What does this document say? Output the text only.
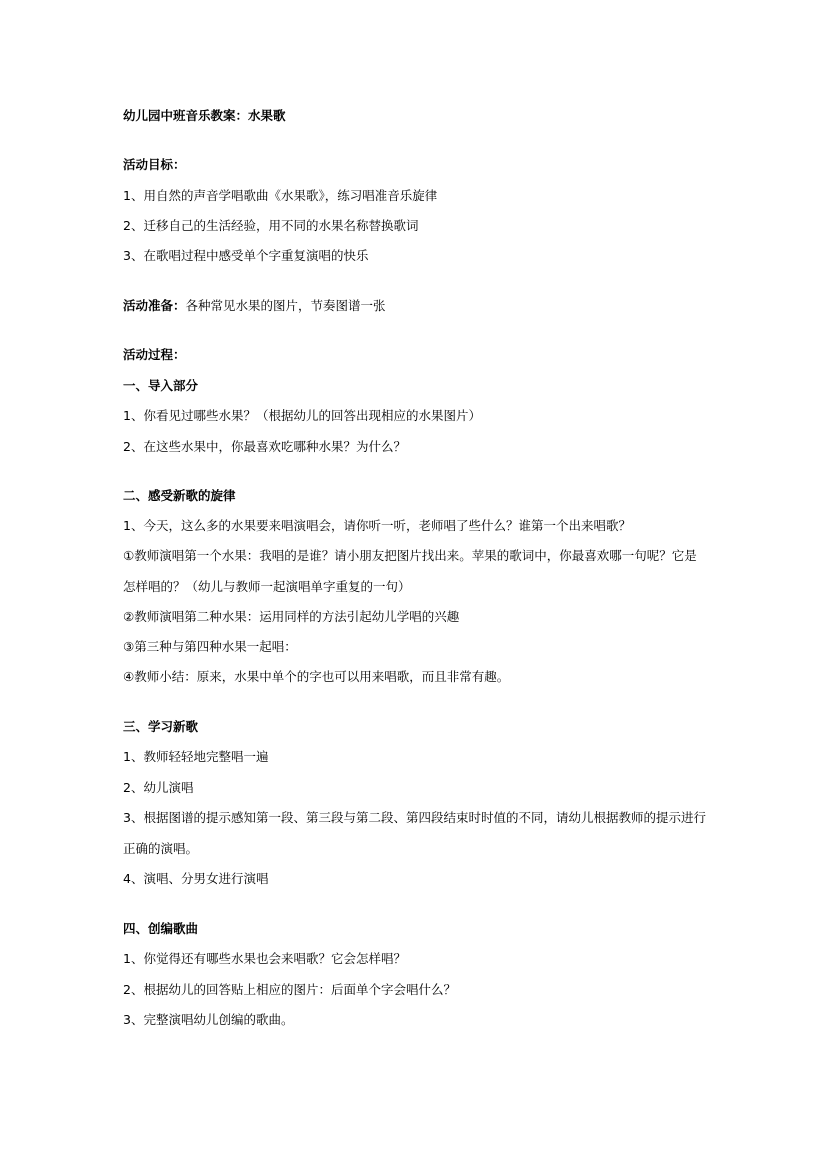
幼儿园中班音乐教案：水果歌
活动目标：
1、用自然的声音学唱歌曲《水果歌》，练习唱准音乐旋律
2、迁移自己的生活经验，用不同的水果名称替换歌词
3、在歌唱过程中感受单个字重复演唱的快乐
活动准备：各种常见水果的图片，节奏图谱一张
活动过程：
一、导入部分
1、你看见过哪些水果？（根据幼儿的回答出现相应的水果图片）
2、在这些水果中，你最喜欢吃哪种水果？为什么？
二、感受新歌的旋律
1、今天，这么多的水果要来唱演唱会，请你听一听，老师唱了些什么？谁第一个出来唱歌？
①教师演唱第一个水果：我唱的是谁？请小朋友把图片找出来。苹果的歌词中，你最喜欢哪一句呢？它是
怎样唱的？（幼儿与教师一起演唱单字重复的一句）
②教师演唱第二种水果：运用同样的方法引起幼儿学唱的兴趣
③第三种与第四种水果一起唱：
④教师小结：原来，水果中单个的字也可以用来唱歌，而且非常有趣。
三、学习新歌
1、教师轻轻地完整唱一遍
2、幼儿演唱
3、根据图谱的提示感知第一段、第三段与第二段、第四段结束时时值的不同，请幼儿根据教师的提示进行
正确的演唱。
4、演唱、分男女进行演唱
四、创编歌曲
1、你觉得还有哪些水果也会来唱歌？它会怎样唱？
2、根据幼儿的回答贴上相应的图片：后面单个字会唱什么？
3、完整演唱幼儿创编的歌曲。
